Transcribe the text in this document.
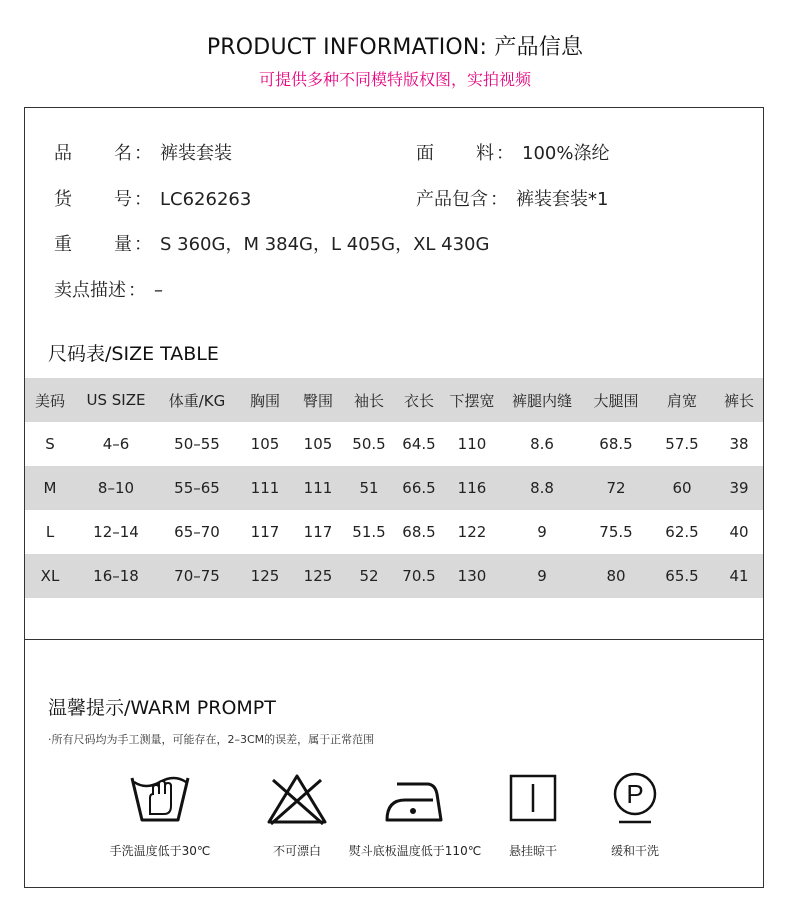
PRODUCT INFORMATION: 产品信息
可提供多种不同模特版权图，实拍视频
品 名 ： 裤装套装	面 料 ： 100%涤纶
货 号 ： LC626263	产品包含 ： 裤装套装*1
重 量 ： S 360G，M 384G，L 405G，XL 430G
卖点描述 ： –
尺码表/SIZE TABLE
美码	US SIZE	体重/KG	胸围	臀围	袖长	衣长	下摆宽	裤腿内缝	大腿围	肩宽	裤长
S	4–6	50–55	105	105	50.5	64.5	110	8.6	68.5	57.5	38
M	8–10	55–65	111	111	51	66.5	116	8.8	72	60	39
L	12–14	65–70	117	117	51.5	68.5	122	9	75.5	62.5	40
XL	16–18	70–75	125	125	52	70.5	130	9	80	65.5	41
温馨提示/WARM PROMPT
·所有尺码均为手工测量，可能存在，2–3CM的误差，属于正常范围
P
手洗温度低于30℃	不可漂白	熨斗底板温度低于110℃	悬挂晾干	缓和干洗
